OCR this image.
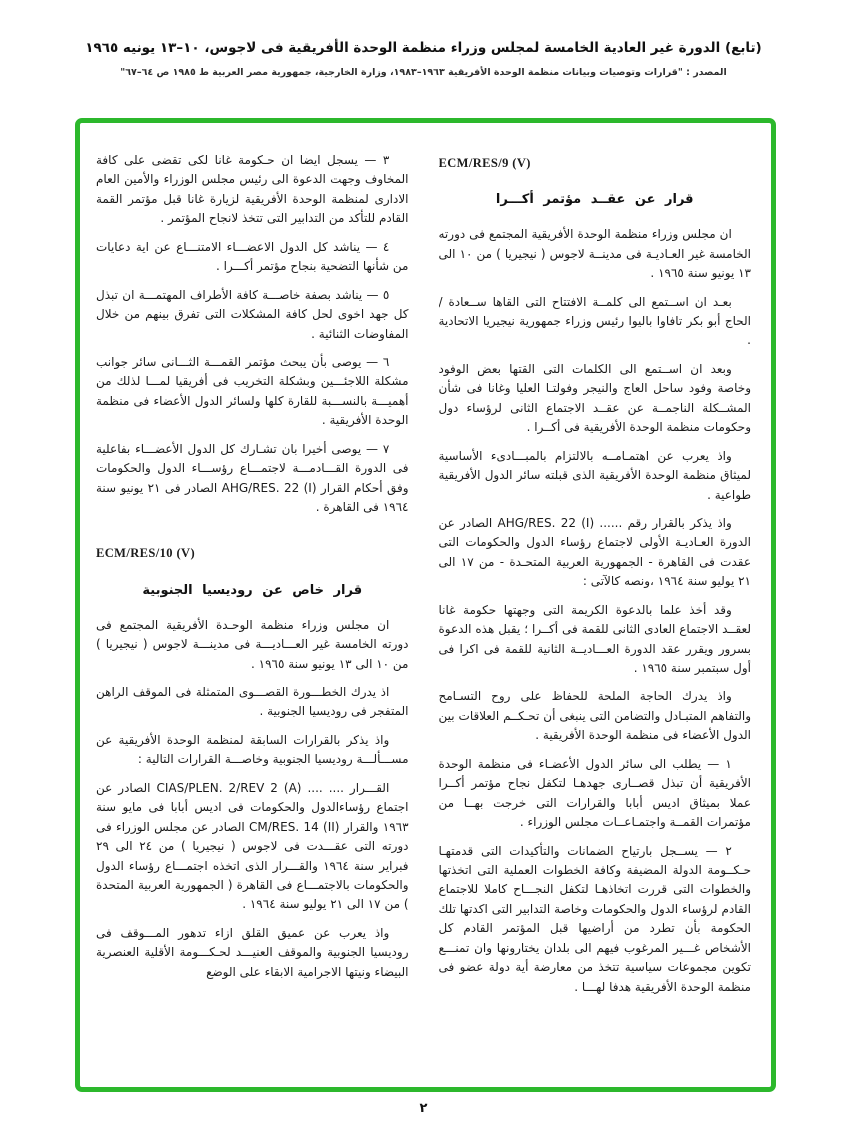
(تابع) الدورة غير العادية الخامسة لمجلس وزراء منظمة الوحدة الأفريقية فى لاجوس، ١٠–١٣ يونيه ١٩٦٥
المصدر : "قرارات وتوصيات وبيانات منظمة الوحدة الأفريقية ١٩٦٣–١٩٨٣، وزارة الخارجية، جمهورية مصر العربية ط ١٩٨٥ ص ٦٤–٦٧"
ECM/RES/9 (V)
قرار عن عقــد مؤتمر أكـــرا
ان مجلس وزراء منظمة الوحدة الأفريقية المجتمع فى دورته الخامسة غير العـاديـة فى مدينــة لاجوس ( نيجيريا ) من ١٠ الى ١٣ يونيو سنة ١٩٦٥ .
بعـد ان اســتمع الى كلمــة الافتتاح التى القاها ســعادة / الحاج أبو بكر تافاوا باليوا رئيس وزراء جمهورية نيجيريا الاتحادية .
وبعد ان اســتمع الى الكلمات التى القتها بعض الوفود وخاصة وفود ساحل العاج والنيجر وفولتـا العليا وغانا فى شأن المشــكلة الناجمــة عن عقــد الاجتماع الثانى لرؤساء دول وحكومات منظمة الوحدة الأفريقية فى أكــرا .
واذ يعرب عن اهتمـامــه بالالتزام بالمبـــادىء الأساسية لميثاق منظمة الوحدة الأفريقية الذى قبلته سائر الدول الأفريقية طواعية .
واذ يذكر بالقرار رقم ...... AHG/RES. 22 (I) الصادر عن الدورة العـاديـة الأولى لاجتماع رؤساء الدول والحكومات التى عقدت فى القاهرة - الجمهورية العربية المتحـدة - من ١٧ الى ٢١ يوليو سنة ١٩٦٤ ،ونصه كالآتى :
وقد أخذ علما بالدعوة الكريمة التى وجهتها حكومة غانا لعقــد الاجتماع العادى الثانى للقمة فى أكــرا ؛ يقبل هذه الدعوة بسرور ويقرر عقد الدورة العـــاديــة الثانية للقمة فى اكرا فى أول سبتمبر سنة ١٩٦٥ .
واذ يدرك الحاجة الملحة للحفاظ على روح التسـامح والتفاهم المتبـادل والتضامن التى ينبغى أن تحـكــم العلاقات بين الدول الأعضاء فى منظمة الوحدة الأفريقية .
١ — يطلب الى سائر الدول الأعضـاء فى منظمة الوحدة الأفريقية أن تبذل قصــارى جهدهـا لتكفل نجاح مؤتمر أكــرا عملا بميثاق اديس أبابا والقرارات التى خرجت بهــا من مؤتمرات القمــة واجتمـاعــات مجلس الوزراء .
٢ — يســجل بارتياح الضمانات والتأكيدات التى قدمتهـا حـكــومة الدولة المضيفة وكافة الخطوات العملية التى اتخذتها والخطوات التى قررت اتخاذهـا لتكفل النجـــاح كاملا للاجتماع القادم لرؤساء الدول والحكومات وخاصة التدابير التى اكدتها تلك الحكومة بأن تطرد من أراضيها قبل المؤتمر القادم كل الأشخاص غـــير المرغوب فيهم الى بلدان يختارونها وان تمنـــع تكوين مجموعات سياسية تتخذ من معارضة أية دولة عضو فى منظمة الوحدة الأفريقية هدفا لهـــا .
٣ — يسجل ايضا ان حـكومة غانا لكى تقضى على كافة المخاوف وجهت الدعوة الى رئيس مجلس الوزراء والأمين العام الادارى لمنظمة الوحدة الأفريقية لزيارة غانا قبل مؤتمر القمة القادم للتأكد من التدابير التى تتخذ لانجاح المؤتمر .
٤ — يناشد كل الدول الاعضـــاء الامتنـــاع عن اية دعايات من شأنها التضحية بنجاح مؤتمر أكـــرا .
٥ — يناشد بصفة خاصـــة كافة الأطراف المهتمـــة ان تبذل كل جهد اخوى لحل كافة المشكلات التى تفرق بينهم من خلال المفاوضات الثنائية .
٦ — يوصى بأن يبحث مؤتمر القمـــة الثـــانى سائر جوانب مشكلة اللاجئـــين وبشكلة التخريب فى أفريقيا لمـــا لذلك من أهميـــة بالنســـبة للقارة كلها ولسائر الدول الأعضاء فى منظمة الوحدة الأفريقية .
٧ — يوصى أخيرا بان تشـارك كل الدول الأعضـــاء بفاعلية فى الدورة القـــادمـــة لاجتمـــاع رؤســـاء الدول والحكومات وفق أحكام القرار AHG/RES. 22 (I) الصادر فى ٢١ يونيو سنة ١٩٦٤ فى القاهرة .
ECM/RES/10 (V)
قرار خاص عن روديسيا الجنوبية
ان مجلس وزراء منظمة الوحـدة الأفريقية المجتمع فى دورته الخامسة غير العـــاديـــة فى مدينـــة لاجوس ( نيجيريا ) من ١٠ الى ١٣ يونيو سنة ١٩٦٥ .
اذ يدرك الخطـــورة القصـــوى المتمثلة فى الموقف الراهن المتفجر فى روديسيا الجنوبية .
واذ يذكر بالقرارات السابقة لمنظمة الوحدة الأفريقية عن مســـألـــة روديسيا الجنوبية وخاصـــة القرارات التالية :
القـــرار .... .... CIAS/PLEN. 2/REV 2 (A) الصادر عن اجتماع رؤساءالدول والحكومات فى اديس أبابا فى مايو سنة ١٩٦٣ والقرار CM/RES. 14 (II) الصادر عن مجلس الوزراء فى دورته التى عقـــدت فى لاجوس ( نيجيريا ) من ٢٤ الى ٢٩ فبراير سنة ١٩٦٤ والقـــرار الذى اتخذه اجتمـــاع رؤساء الدول والحكومات بالاجتمـــاع فى القاهرة ( الجمهورية العربية المتحدة ) من ١٧ الى ٢١ يوليو سنة ١٩٦٤ .
واذ يعرب عن عميق القلق ازاء تدهور المـــوقف فى روديسيا الجنوبية والموقف العنيـــد لحـكـــومة الأقلية العنصرية البيضاء ونيتها الاجرامية الابقاء على الوضع
٢
